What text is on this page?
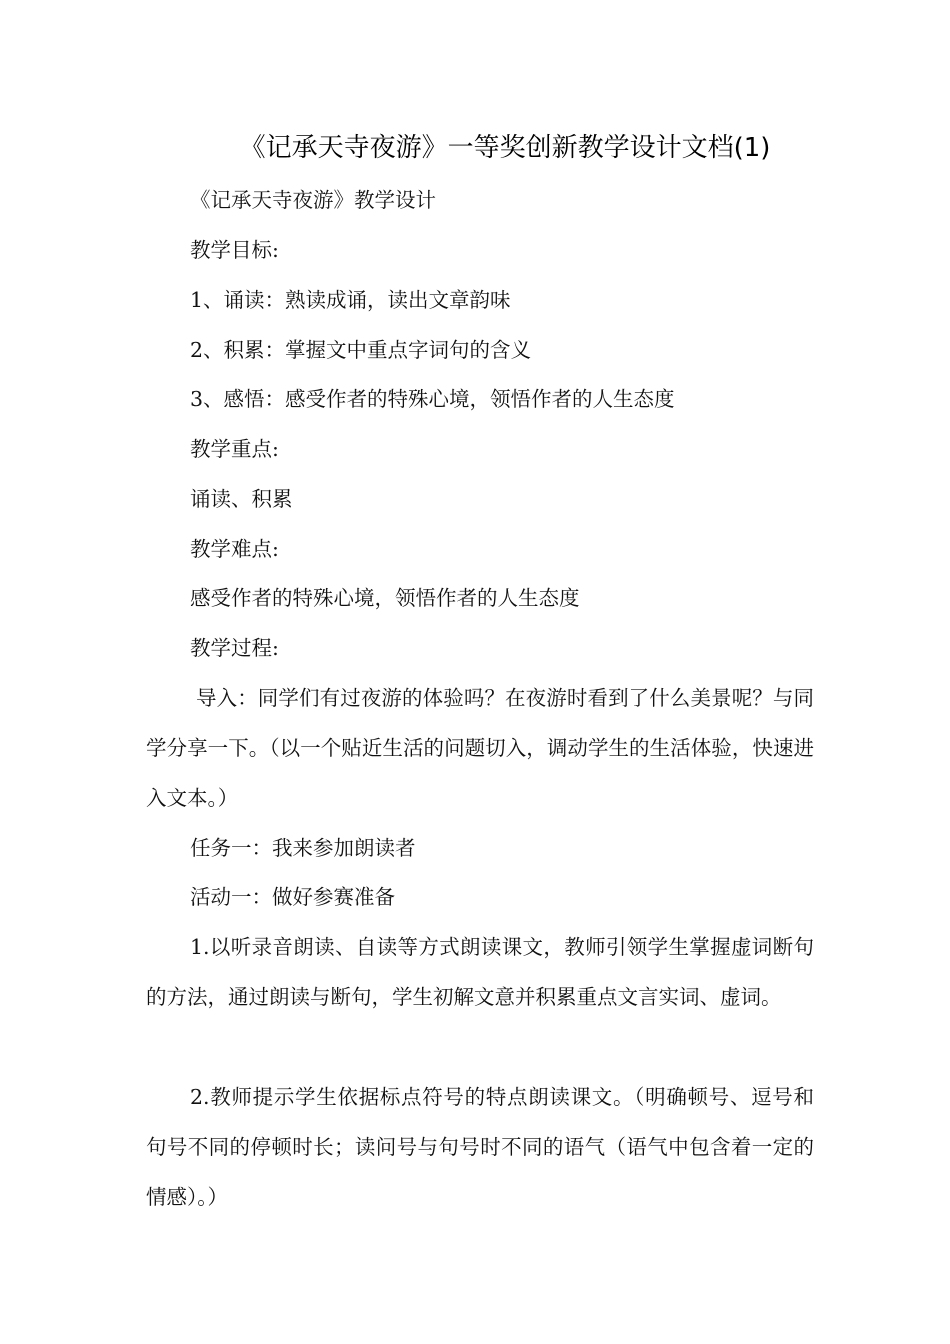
《记承天寺夜游》一等奖创新教学设计文档(1)
《记承天寺夜游》教学设计
教学目标:
1、诵读：熟读成诵，读出文章韵味
2、积累：掌握文中重点字词句的含义
3、感悟：感受作者的特殊心境，领悟作者的人生态度
教学重点:
诵读、积累
教学难点:
感受作者的特殊心境，领悟作者的人生态度
教学过程:
导入：同学们有过夜游的体验吗？在夜游时看到了什么美景呢？与同学分享一下。（以一个贴近生活的问题切入，调动学生的生活体验，快速进入文本。）
任务一：我来参加朗读者
活动一：做好参赛准备
1.以听录音朗读、自读等方式朗读课文，教师引领学生掌握虚词断句的方法，通过朗读与断句，学生初解文意并积累重点文言实词、虚词。
2.教师提示学生依据标点符号的特点朗读课文。（明确顿号、逗号和句号不同的停顿时长；读问号与句号时不同的语气（语气中包含着一定的情感）。）
